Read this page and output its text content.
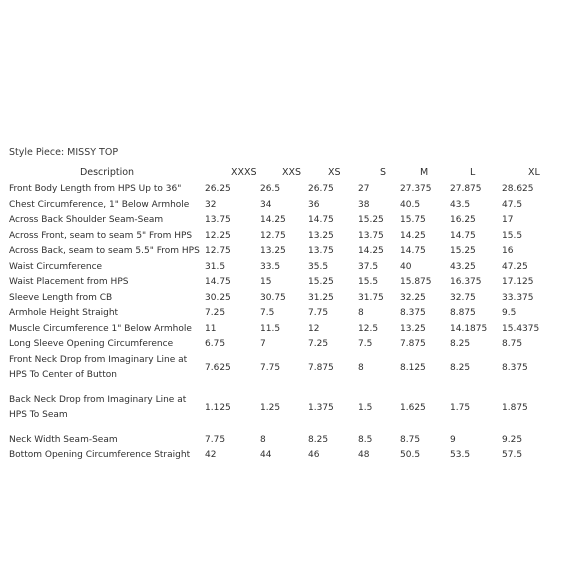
Style Piece: MISSY TOP
Description	XXXS	XXS	XS	S	M	L	XL
Front Body Length from HPS Up to 36"	26.25	26.5	26.75	27	27.375	27.875	28.625
Chest Circumference, 1" Below Armhole	32	34	36	38	40.5	43.5	47.5
Across Back Shoulder Seam-Seam	13.75	14.25	14.75	15.25	15.75	16.25	17
Across Front, seam to seam 5" From HPS	12.25	12.75	13.25	13.75	14.25	14.75	15.5
Across Back, seam to seam 5.5" From HPS	12.75	13.25	13.75	14.25	14.75	15.25	16
Waist Circumference	31.5	33.5	35.5	37.5	40	43.25	47.25
Waist Placement from HPS	14.75	15	15.25	15.5	15.875	16.375	17.125
Sleeve Length from CB	30.25	30.75	31.25	31.75	32.25	32.75	33.375
Armhole Height Straight	7.25	7.5	7.75	8	8.375	8.875	9.5
Muscle Circumference 1" Below Armhole	11	11.5	12	12.5	13.25	14.1875	15.4375
Long Sleeve Opening Circumference	6.75	7	7.25	7.5	7.875	8.25	8.75
Front Neck Drop from Imaginary Line at HPS To Center of Button	7.625	7.75	7.875	8	8.125	8.25	8.375
Back Neck Drop from Imaginary Line at HPS To Seam	1.125	1.25	1.375	1.5	1.625	1.75	1.875
Neck Width Seam-Seam	7.75	8	8.25	8.5	8.75	9	9.25
Bottom Opening Circumference Straight	42	44	46	48	50.5	53.5	57.5
